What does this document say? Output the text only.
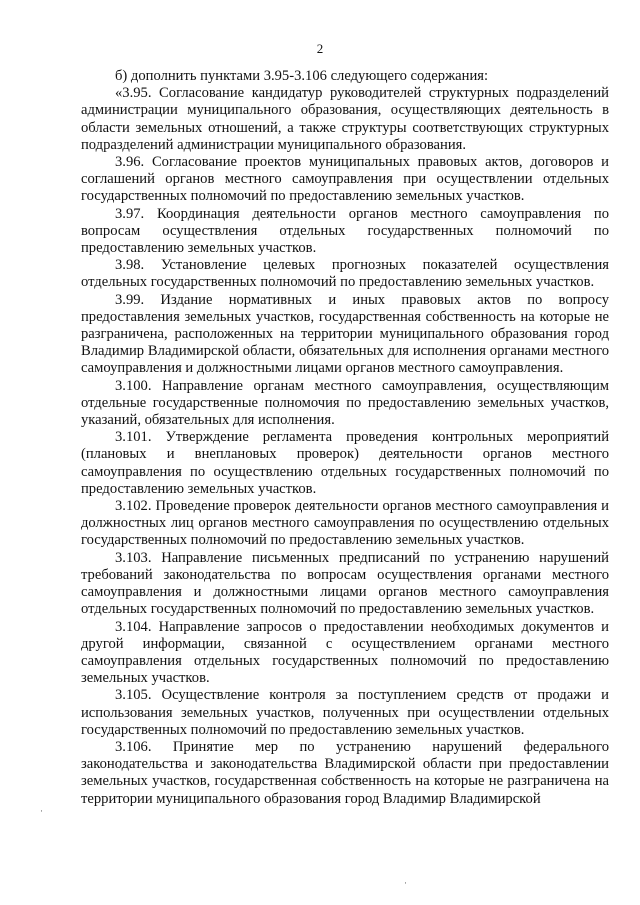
2

б) дополнить пунктами 3.95-3.106 следующего содержания:

«3.95. Согласование кандидатур руководителей структурных подразделений администрации муниципального образования, осуществляющих деятельность в области земельных отношений, а также структуры соответствующих структурных подразделений администрации муниципального образования.

3.96. Согласование проектов муниципальных правовых актов, договоров и соглашений органов местного самоуправления при осуществлении отдельных государственных полномочий по предоставлению земельных участков.

3.97. Координация деятельности органов местного самоуправления по вопросам осуществления отдельных государственных полномочий по предоставлению земельных участков.

3.98. Установление целевых прогнозных показателей осуществления отдельных государственных полномочий по предоставлению земельных участков.

3.99. Издание нормативных и иных правовых актов по вопросу предоставления земельных участков, государственная собственность на которые не разграничена, расположенных на территории муниципального образования город Владимир Владимирской области, обязательных для исполнения органами местного самоуправления и должностными лицами органов местного самоуправления.

3.100. Направление органам местного самоуправления, осуществляющим отдельные государственные полномочия по предоставлению земельных участков, указаний, обязательных для исполнения.

3.101. Утверждение регламента проведения контрольных мероприятий (плановых и внеплановых проверок) деятельности органов местного самоуправления по осуществлению отдельных государственных полномочий по предоставлению земельных участков.

3.102. Проведение проверок деятельности органов местного самоуправления и должностных лиц органов местного самоуправления по осуществлению отдельных государственных полномочий по предоставлению земельных участков.

3.103. Направление письменных предписаний по устранению нарушений требований законодательства по вопросам осуществления органами местного самоуправления и должностными лицами органов местного самоуправления отдельных государственных полномочий по предоставлению земельных участков.

3.104. Направление запросов о предоставлении необходимых документов и другой информации, связанной с осуществлением органами местного самоуправления отдельных государственных полномочий по предоставлению земельных участков.

3.105. Осуществление контроля за поступлением средств от продажи и использования земельных участков, полученных при осуществлении отдельных государственных полномочий по предоставлению земельных участков.

3.106. Принятие мер по устранению нарушений федерального законодательства и законодательства Владимирской области при предоставлении земельных участков, государственная собственность на которые не разграничена на территории муниципального образования город Владимир Владимирской

·
·
